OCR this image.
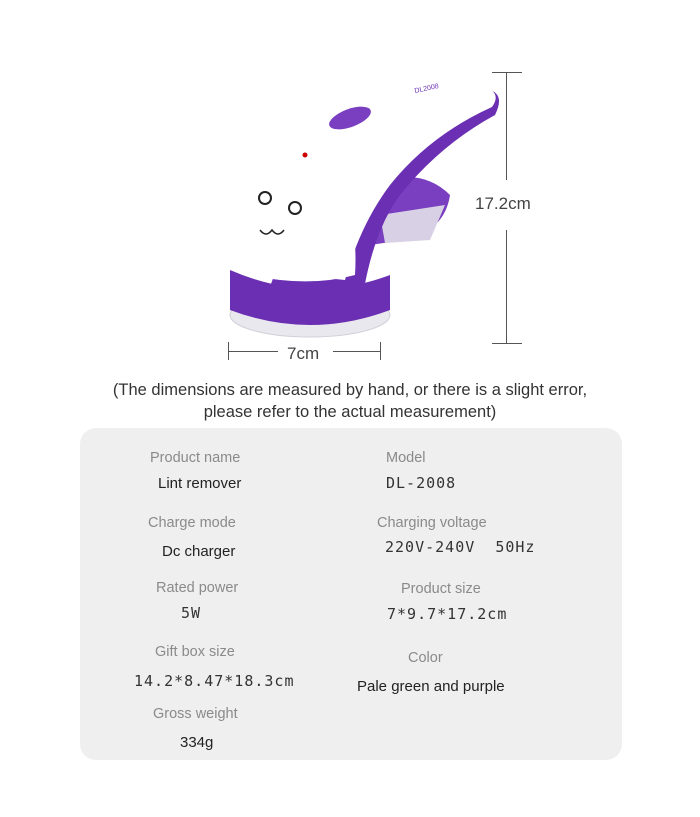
DL2008
17.2cm
7cm
(The dimensions are measured by hand, or there is a slight error,
please refer to the actual measurement)
Product name
Lint remover
Model
DL-2008
Charge mode
Dc charger
Charging voltage
220V-240V  50Hz
Rated power
5W
Product size
7*9.7*17.2cm
Gift box size
14.2*8.47*18.3cm
Color
Pale green and purple
Gross weight
334g
